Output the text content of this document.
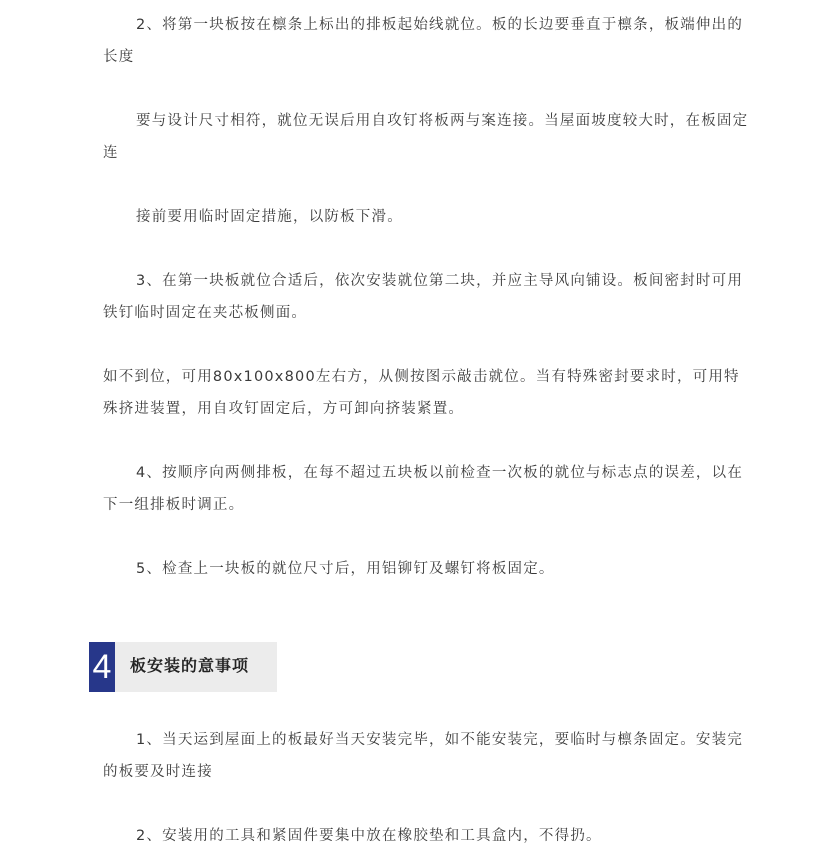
2、将第一块板按在檩条上标出的排板起始线就位。板的长边要垂直于檩条，板端伸出的长度

要与设计尺寸相符，就位无误后用自攻钉将板两与案连接。当屋面坡度较大时，在板固定连

接前要用临时固定措施，以防板下滑。

3、在第一块板就位合适后，依次安装就位第二块，并应主导风向铺设。板间密封时可用铁钉临时固定在夹芯板侧面。

如不到位，可用80x100x800左右方，从侧按图示敲击就位。当有特殊密封要求时，可用特殊挤进装置，用自攻钉固定后，方可卸向挤装紧置。

4、按顺序向两侧排板，在每不超过五块板以前检查一次板的就位与标志点的误差，以在下一组排板时调正。

5、检查上一块板的就位尺寸后，用铝铆钉及螺钉将板固定。

4 板安装的意事项

1、当天运到屋面上的板最好当天安装完毕，如不能安装完，要临时与檩条固定。安装完的板要及时连接

2、安装用的工具和紧固件要集中放在橡胶垫和工具盒内，不得扔。
